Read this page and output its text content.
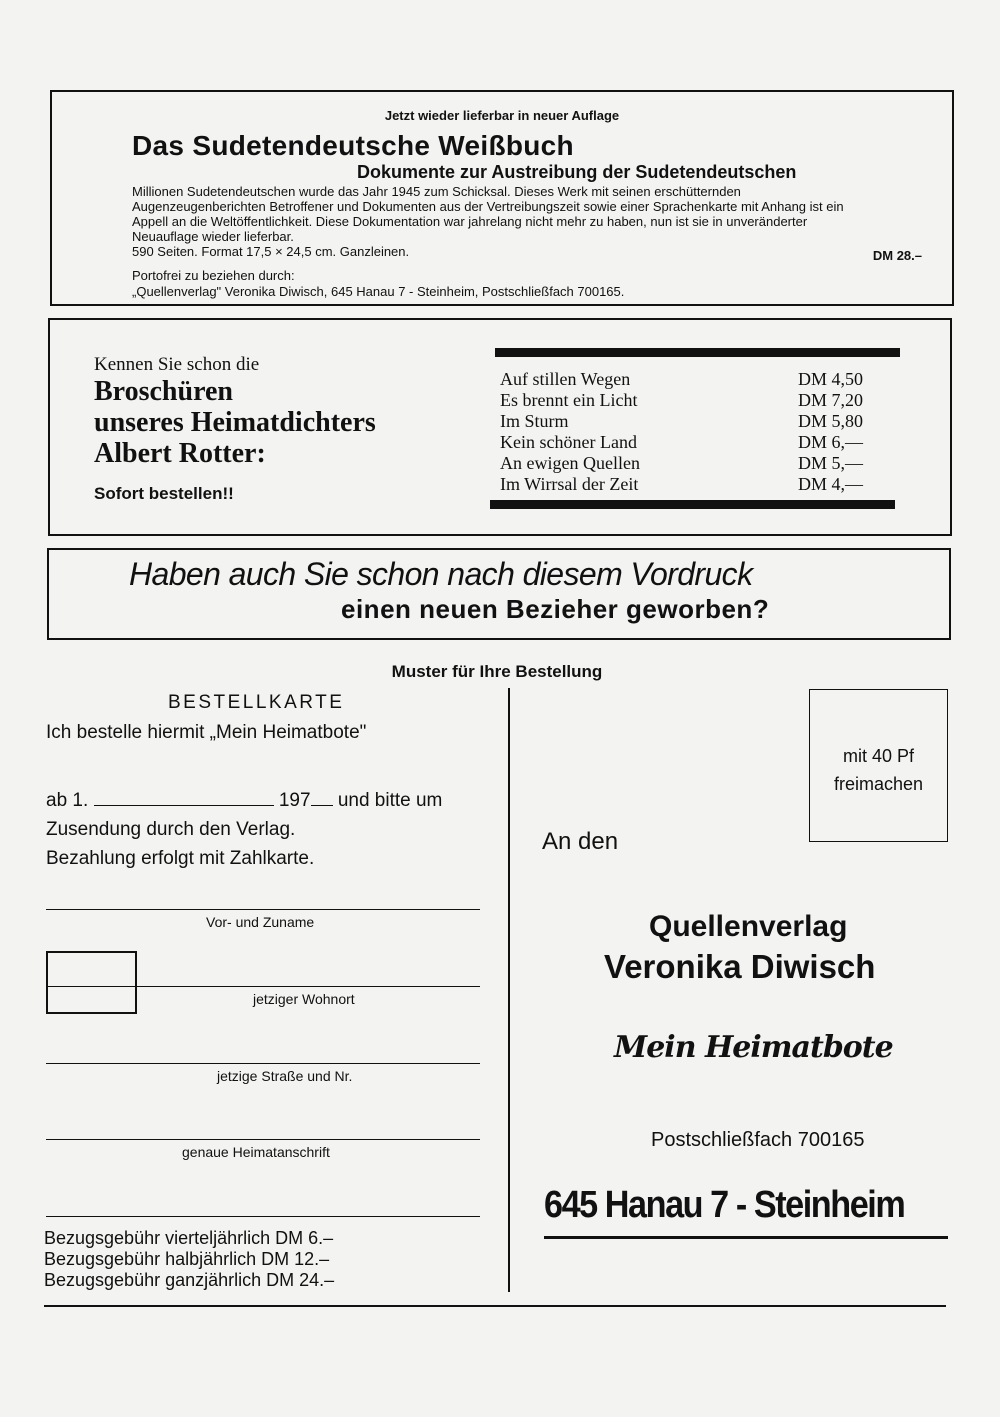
Jetzt wieder lieferbar in neuer Auflage
Das Sudetendeutsche Weißbuch
Dokumente zur Austreibung der Sudetendeutschen
Millionen Sudetendeutschen wurde das Jahr 1945 zum Schicksal. Dieses Werk mit seinen erschütternden Augenzeugenberichten Betroffener und Dokumenten aus der Vertreibungszeit sowie einer Sprachenkarte mit Anhang ist ein Appell an die Weltöffentlichkeit. Diese Dokumentation war jahrelang nicht mehr zu haben, nun ist sie in unveränderter Neuauflage wieder lieferbar.
590 Seiten. Format 17,5 × 24,5 cm. Ganzleinen.	DM 28.–
Portofrei zu beziehen durch:
„Quellenverlag" Veronika Diwisch, 645 Hanau 7 - Steinheim, Postschließfach 700165.
Kennen Sie schon die
Broschüren
unseres Heimatdichters
Albert Rotter:
Sofort bestellen!!
Auf stillen Wegen	DM 4,50
Es brennt ein Licht	DM 7,20
Im Sturm	DM 5,80
Kein schöner Land	DM 6,—
An ewigen Quellen	DM 5,—
Im Wirrsal der Zeit	DM 4,—
Haben auch Sie schon nach diesem Vordruck
einen neuen Bezieher geworben?
Muster für Ihre Bestellung
BESTELLKARTE
Ich bestelle hiermit „Mein Heimatbote"
ab 1.	197 und bitte um
Zusendung durch den Verlag.
Bezahlung erfolgt mit Zahlkarte.
Vor- und Zuname
jetziger Wohnort
jetzige Straße und Nr.
genaue Heimatanschrift
Bezugsgebühr vierteljährlich DM 6.–
Bezugsgebühr halbjährlich DM 12.–
Bezugsgebühr ganzjährlich DM 24.–
mit 40 Pf
freimachen
An den
Quellenverlag
Veronika Diwisch
Mein Heimatbote
Postschließfach 700165
645 Hanau 7 - Steinheim
